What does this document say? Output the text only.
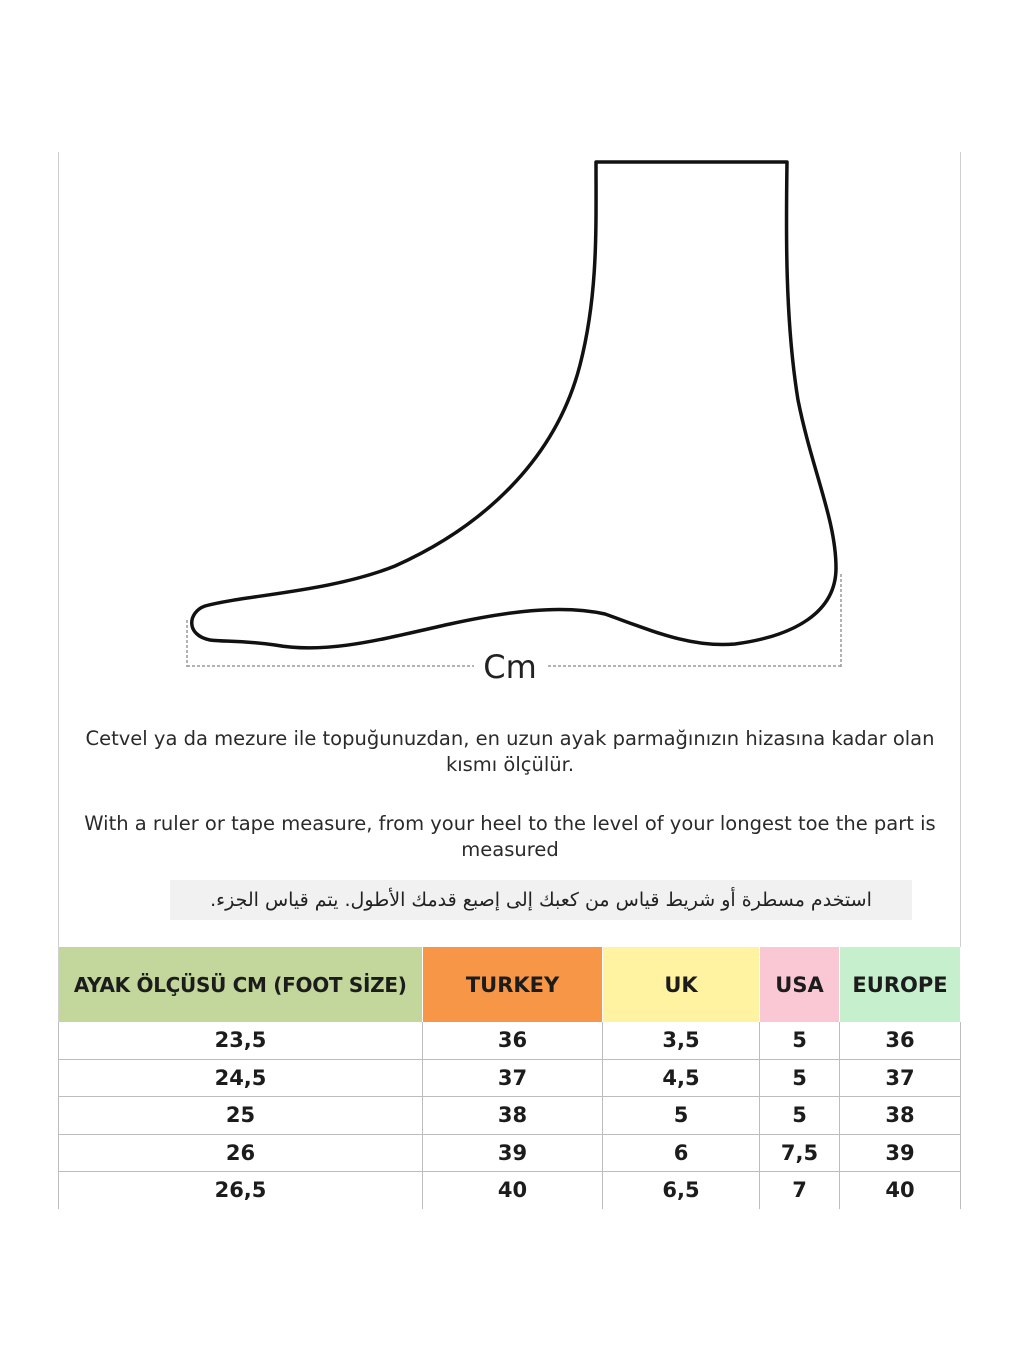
Cm
Cetvel ya da mezure ile topuğunuzdan, en uzun ayak parmağınızın hizasına kadar olan kısmı ölçülür.
With a ruler or tape measure, from your heel to the level of your longest toe the part is measured
استخدم مسطرة أو شريط قياس من كعبك إلى إصبع قدمك الأطول. يتم قياس الجزء.
AYAK ÖLÇÜSÜ CM (FOOT SİZE)	TURKEY	UK	USA	EUROPE
23,5	36	3,5	5	36
24,5	37	4,5	5	37
25	38	5	5	38
26	39	6	7,5	39
26,5	40	6,5	7	40
